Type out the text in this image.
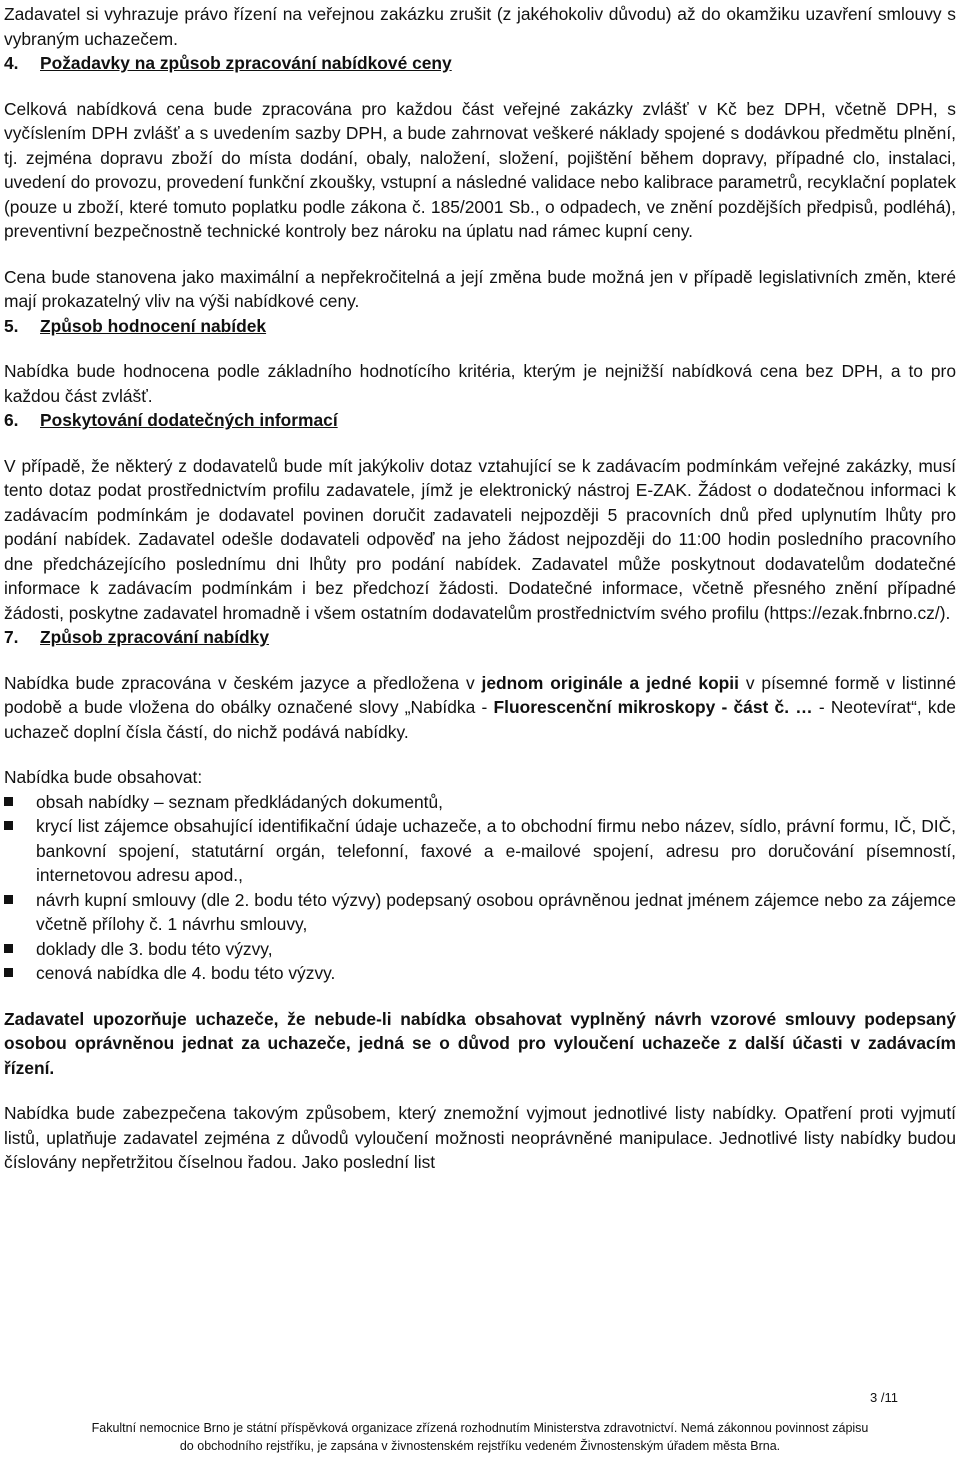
Zadavatel si vyhrazuje právo řízení na veřejnou zakázku zrušit (z jakéhokoliv důvodu) až do okamžiku uzavření smlouvy s vybraným uchazečem.

4.	Požadavky na způsob zpracování nabídkové ceny

Celková nabídková cena bude zpracována pro každou část veřejné zakázky zvlášť v Kč bez DPH, včetně DPH, s vyčíslením DPH zvlášť a s uvedením sazby DPH, a bude zahrnovat veškeré náklady spojené s dodávkou předmětu plnění, tj. zejména dopravu zboží do místa dodání, obaly, naložení, složení, pojištění během dopravy, případné clo, instalaci, uvedení do provozu, provedení funkční zkoušky, vstupní a následné validace nebo kalibrace parametrů, recyklační poplatek (pouze u zboží, které tomuto poplatku podle zákona č. 185/2001 Sb., o odpadech, ve znění pozdějších předpisů, podléhá), preventivní bezpečnostně technické kontroly bez nároku na úplatu nad rámec kupní ceny.

Cena bude stanovena jako maximální a nepřekročitelná a její změna bude možná jen v případě legislativních změn, které mají prokazatelný vliv na výši nabídkové ceny.

5.	Způsob hodnocení nabídek

Nabídka bude hodnocena podle základního hodnotícího kritéria, kterým je nejnižší nabídková cena bez DPH, a to pro každou část zvlášť.

6.	Poskytování dodatečných informací

V případě, že některý z dodavatelů bude mít jakýkoliv dotaz vztahující se k zadávacím podmínkám veřejné zakázky, musí tento dotaz podat prostřednictvím profilu zadavatele, jímž je elektronický nástroj E-ZAK. Žádost o dodatečnou informaci k zadávacím podmínkám je dodavatel povinen doručit zadavateli nejpozději 5 pracovních dnů před uplynutím lhůty pro podání nabídek. Zadavatel odešle dodavateli odpověď na jeho žádost nejpozději do 11:00 hodin posledního pracovního dne předcházejícího poslednímu dni lhůty pro podání nabídek. Zadavatel může poskytnout dodavatelům dodatečné informace k zadávacím podmínkám i bez předchozí žádosti. Dodatečné informace, včetně přesného znění případné žádosti, poskytne zadavatel hromadně i všem ostatním dodavatelům prostřednictvím svého profilu (https://ezak.fnbrno.cz/).

7.	Způsob zpracování nabídky

Nabídka bude zpracována v českém jazyce a předložena v jednom originále a jedné kopii v písemné formě v listinné podobě a bude vložena do obálky označené slovy „Nabídka - Fluorescenční mikroskopy - část č. … - Neotevírat“, kde uchazeč doplní čísla částí, do nichž podává nabídky.

Nabídka bude obsahovat:

obsah nabídky – seznam předkládaných dokumentů,
krycí list zájemce obsahující identifikační údaje uchazeče, a to obchodní firmu nebo název, sídlo, právní formu, IČ, DIČ, bankovní spojení, statutární orgán, telefonní, faxové a e-mailové spojení, adresu pro doručování písemností, internetovou adresu apod.,
návrh kupní smlouvy (dle 2. bodu této výzvy) podepsaný osobou oprávněnou jednat jménem zájemce nebo za zájemce včetně přílohy č. 1 návrhu smlouvy,
doklady dle 3. bodu této výzvy,
cenová nabídka dle 4. bodu této výzvy.

Zadavatel upozorňuje uchazeče, že nebude-li nabídka obsahovat vyplněný návrh vzorové smlouvy podepsaný osobou oprávněnou jednat za uchazeče, jedná se o důvod pro vyloučení uchazeče z další účasti v zadávacím řízení.

Nabídka bude zabezpečena takovým způsobem, který znemožní vyjmout jednotlivé listy nabídky. Opatření proti vyjmutí listů, uplatňuje zadavatel zejména z důvodů vyloučení možnosti neoprávněné manipulace. Jednotlivé listy nabídky budou číslovány nepřetržitou číselnou řadou. Jako poslední list

3 /11
Fakultní nemocnice Brno je státní příspěvková organizace zřízená rozhodnutím Ministerstva zdravotnictví. Nemá zákonnou povinnost zápisu
do obchodního rejstříku, je zapsána v živnostenském rejstříku vedeném Živnostenským úřadem města Brna.
